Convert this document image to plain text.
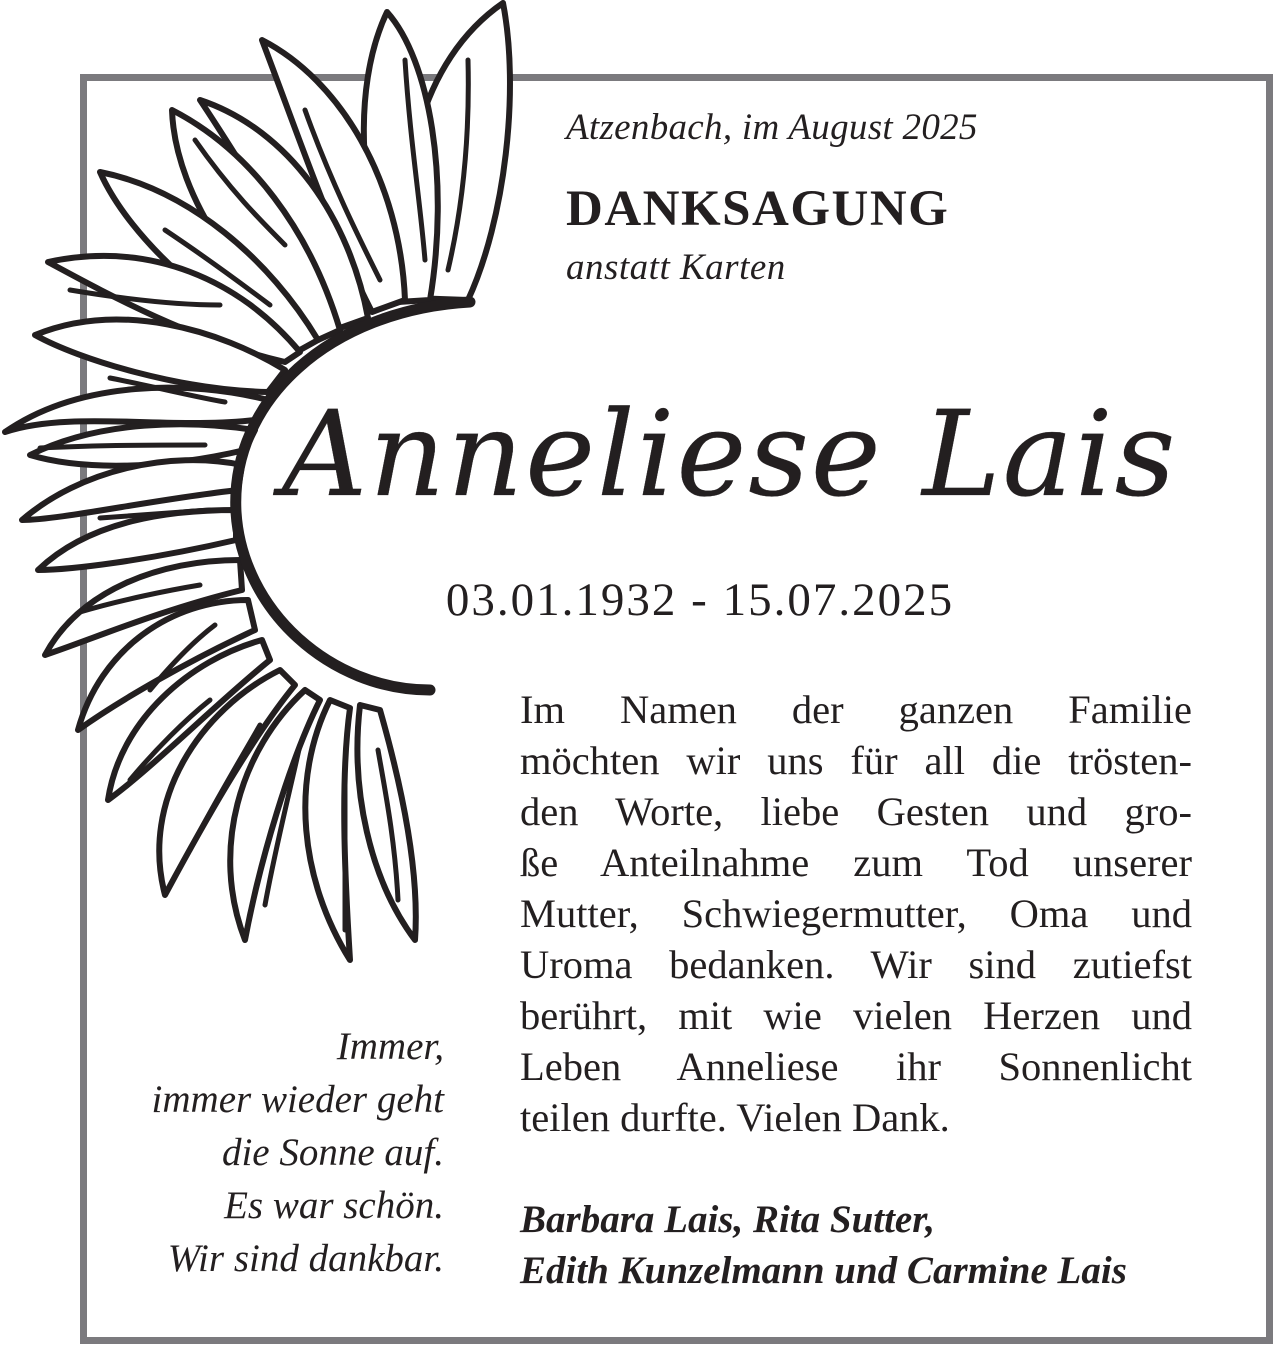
Atzenbach, im August 2025
DANKSAGUNG
anstatt Karten
Anneliese Lais
03.01.1932 - 15.07.2025
Im Namen der ganzen Familie
möchten wir uns für all die trösten-
den Worte, liebe Gesten und gro-
ße Anteilnahme zum Tod unserer
Mutter, Schwiegermutter, Oma und
Uroma bedanken. Wir sind zutiefst
berührt, mit wie vielen Herzen und
Leben Anneliese ihr Sonnenlicht
teilen durfte. Vielen Dank.
Immer,
immer wieder geht
die Sonne auf.
Es war schön.
Wir sind dankbar.
Barbara Lais, Rita Sutter,
Edith Kunzelmann und Carmine Lais
